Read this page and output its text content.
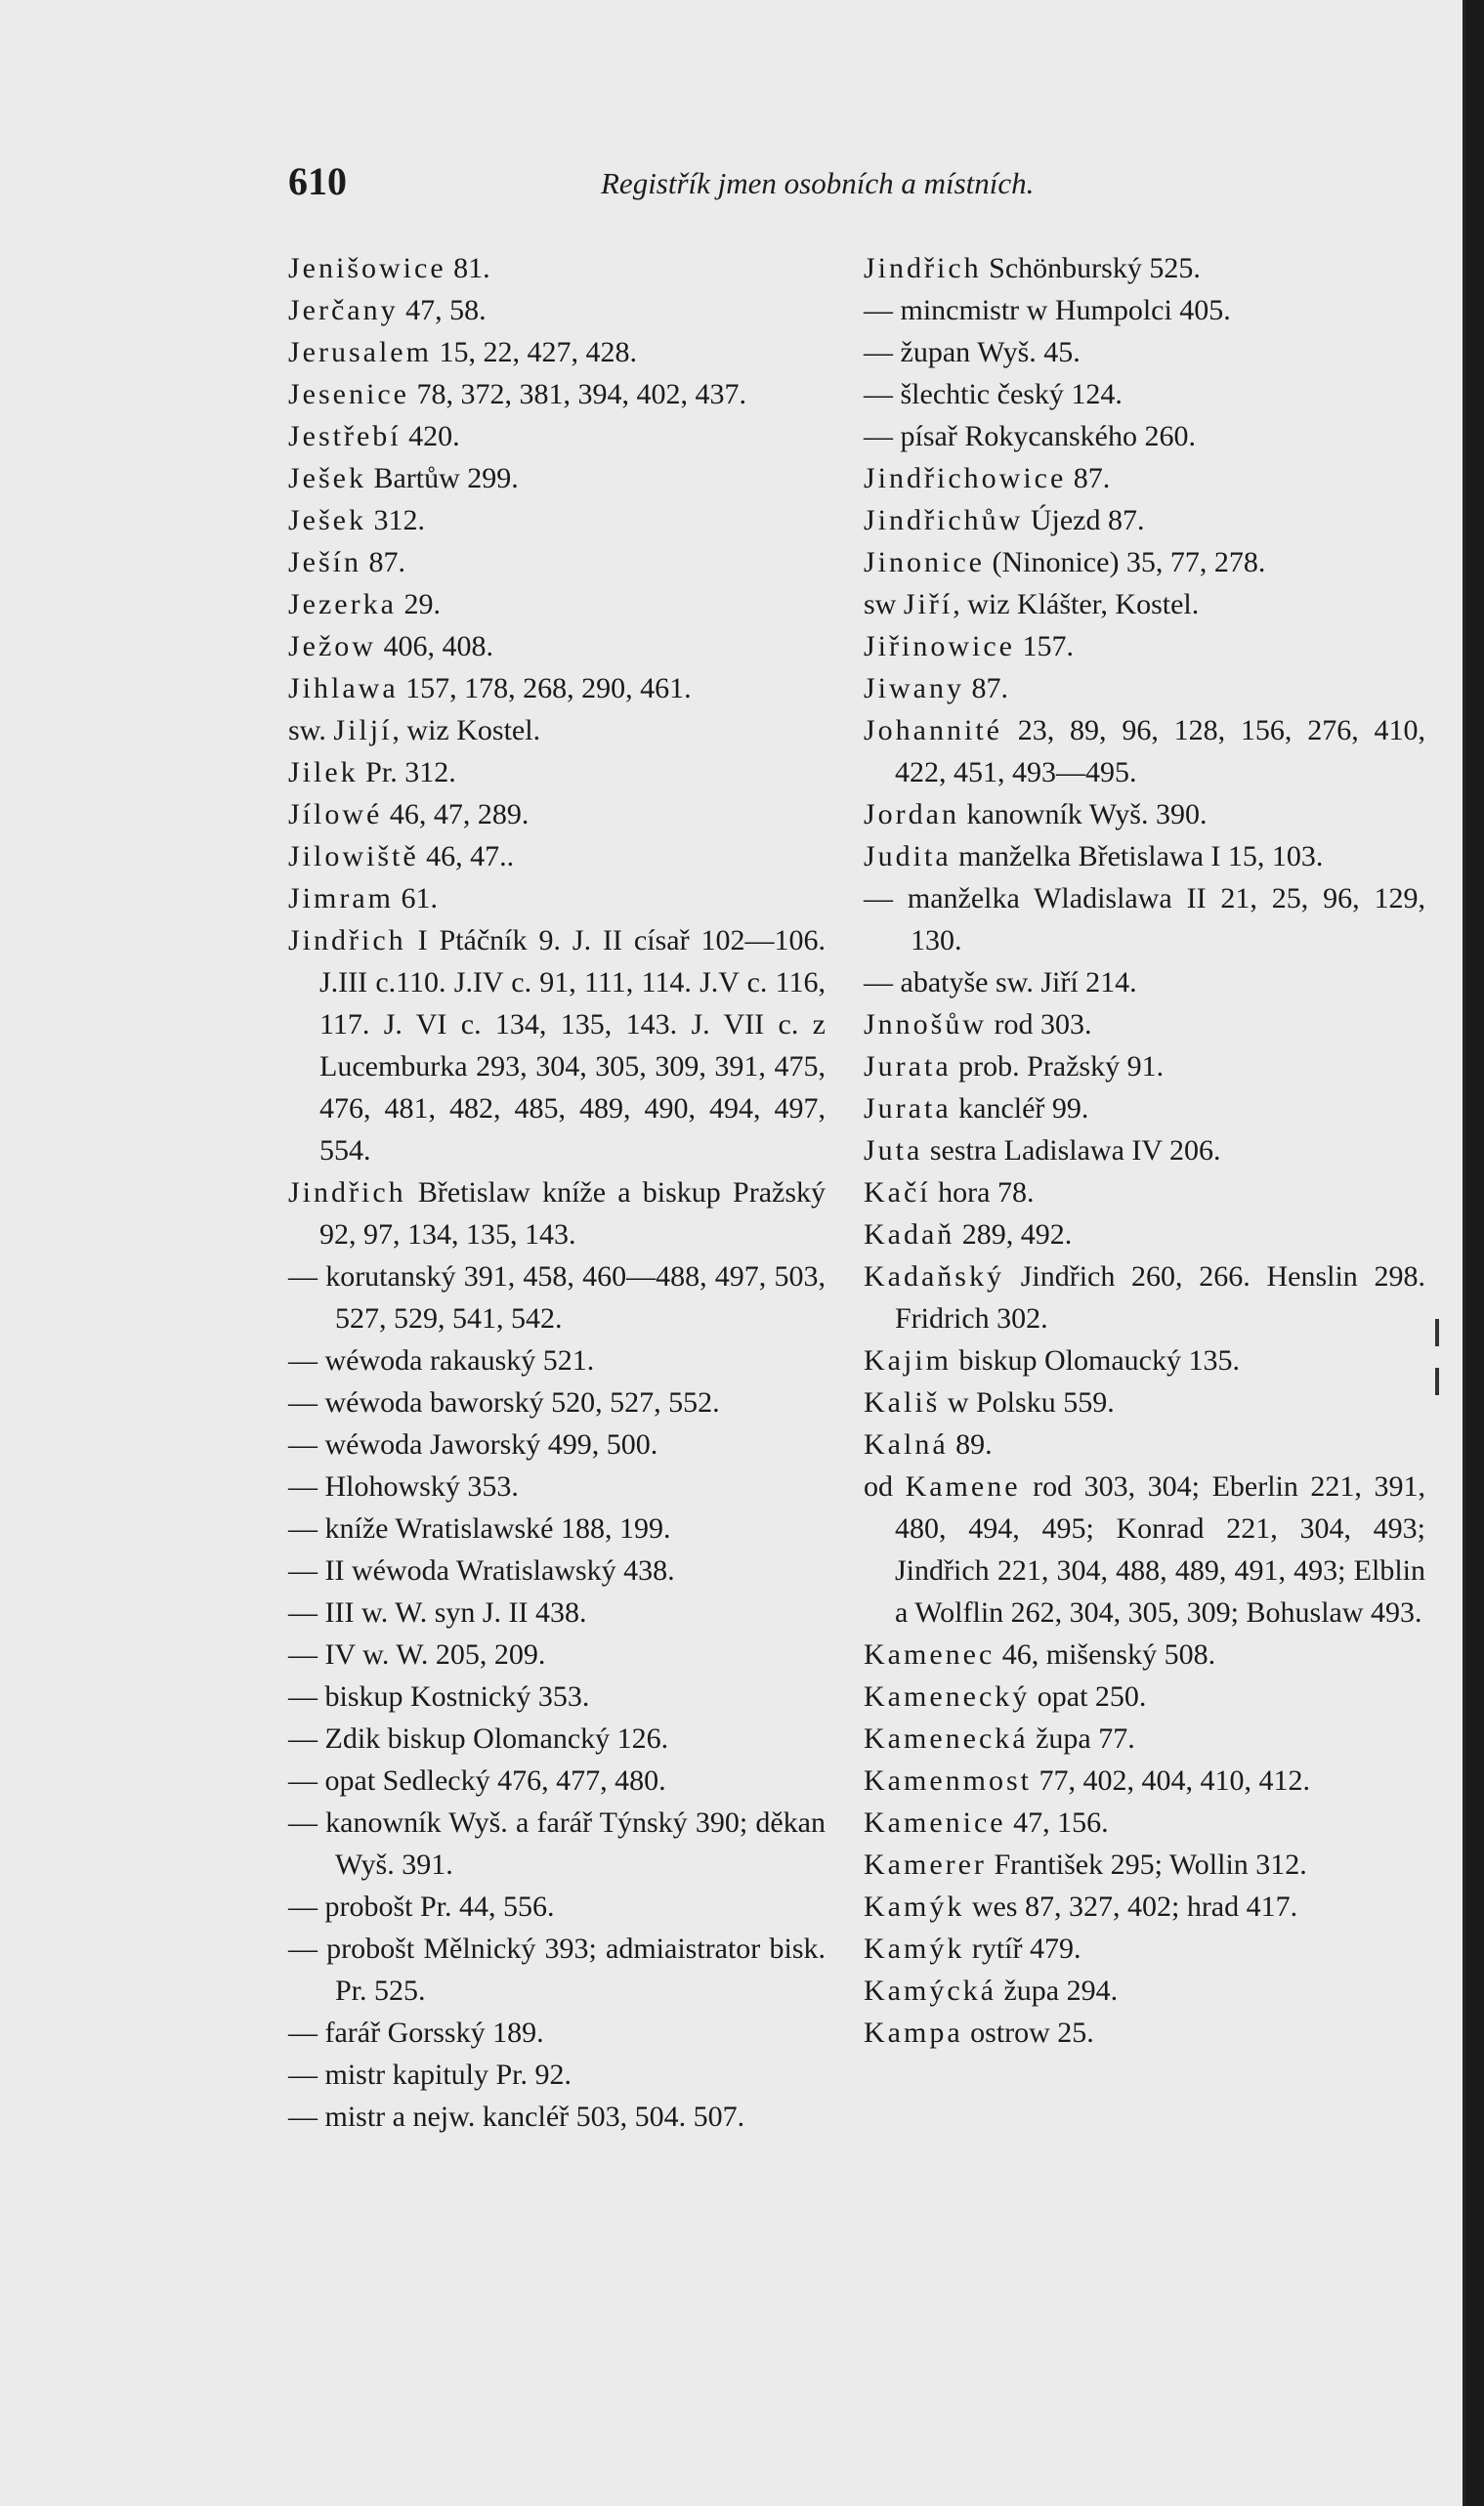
610	Registřík jmen osobních a místních.
Jenišowice 81.
Jerčany 47, 58.
Jerusalem 15, 22, 427, 428.
Jesenice 78, 372, 381, 394, 402, 437.
Jestřebí 420.
Ješek Bartůw 299.
Ješek 312.
Ješín 87.
Jezerka 29.
Ježow 406, 408.
Jihlawa 157, 178, 268, 290, 461.
sw. Jiljí, wiz Kostel.
Jilek Pr. 312.
Jílowé 46, 47, 289.
Jilowiště 46, 47..
Jimram 61.
Jindřich I Ptáčník 9. J. II císař 102—106. J.III c.110. J.IV c. 91, 111, 114. J.V c. 116, 117. J. VI c. 134, 135, 143. J. VII c. z Lucemburka 293, 304, 305, 309, 391, 475, 476, 481, 482, 485, 489, 490, 494, 497, 554.
Jindřich Břetislaw kníže a biskup Pražský 92, 97, 134, 135, 143.
— korutanský 391, 458, 460—488, 497, 503, 527, 529, 541, 542.
— wéwoda rakauský 521.
— wéwoda baworský 520, 527, 552.
— wéwoda Jaworský 499, 500.
— Hlohowský 353.
— kníže Wratislawské 188, 199.
— II wéwoda Wratislawský 438.
— III w. W. syn J. II 438.
— IV w. W. 205, 209.
— biskup Kostnický 353.
— Zdik biskup Olomancký 126.
— opat Sedlecký 476, 477, 480.
— kanowník Wyš. a farář Týnský 390; děkan Wyš. 391.
— probošt Pr. 44, 556.
— probošt Mělnický 393; admiaistrator bisk. Pr. 525.
— farář Gorsský 189.
— mistr kapituly Pr. 92.
— mistr a nejw. kancléř 503, 504. 507.
Jindřich Schönburský 525.
— mincmistr w Humpolci 405.
— župan Wyš. 45.
— šlechtic český 124.
— písař Rokycanského 260.
Jindřichowice 87.
Jindřichůw Újezd 87.
Jinonice (Ninonice) 35, 77, 278.
sw Jiří, wiz Klášter, Kostel.
Jiřinowice 157.
Jiwany 87.
Johannité 23, 89, 96, 128, 156, 276, 410, 422, 451, 493—495.
Jordan kanowník Wyš. 390.
Judita manželka Břetislawa I 15, 103.
— manželka Wladislawa II 21, 25, 96, 129, 130.
— abatyše sw. Jiří 214.
Jnnošůw rod 303.
Jurata prob. Pražský 91.
Jurata kancléř 99.
Juta sestra Ladislawa IV 206.
Kačí hora 78.
Kadaň 289, 492.
Kadaňský Jindřich 260, 266. Henslin 298. Fridrich 302.
Kajim biskup Olomaucký 135.
Kališ w Polsku 559.
Kalná 89.
od Kamene rod 303, 304; Eberlin 221, 391, 480, 494, 495; Konrad 221, 304, 493; Jindřich 221, 304, 488, 489, 491, 493; Elblin a Wolflin 262, 304, 305, 309; Bohuslaw 493.
Kamenec 46, mišenský 508.
Kamenecký opat 250.
Kamenecká župa 77.
Kamenmost 77, 402, 404, 410, 412.
Kamenice 47, 156.
Kamerer František 295; Wollin 312.
Kamýk wes 87, 327, 402; hrad 417.
Kamýk rytíř 479.
Kamýcká župa 294.
Kampa ostrow 25.
